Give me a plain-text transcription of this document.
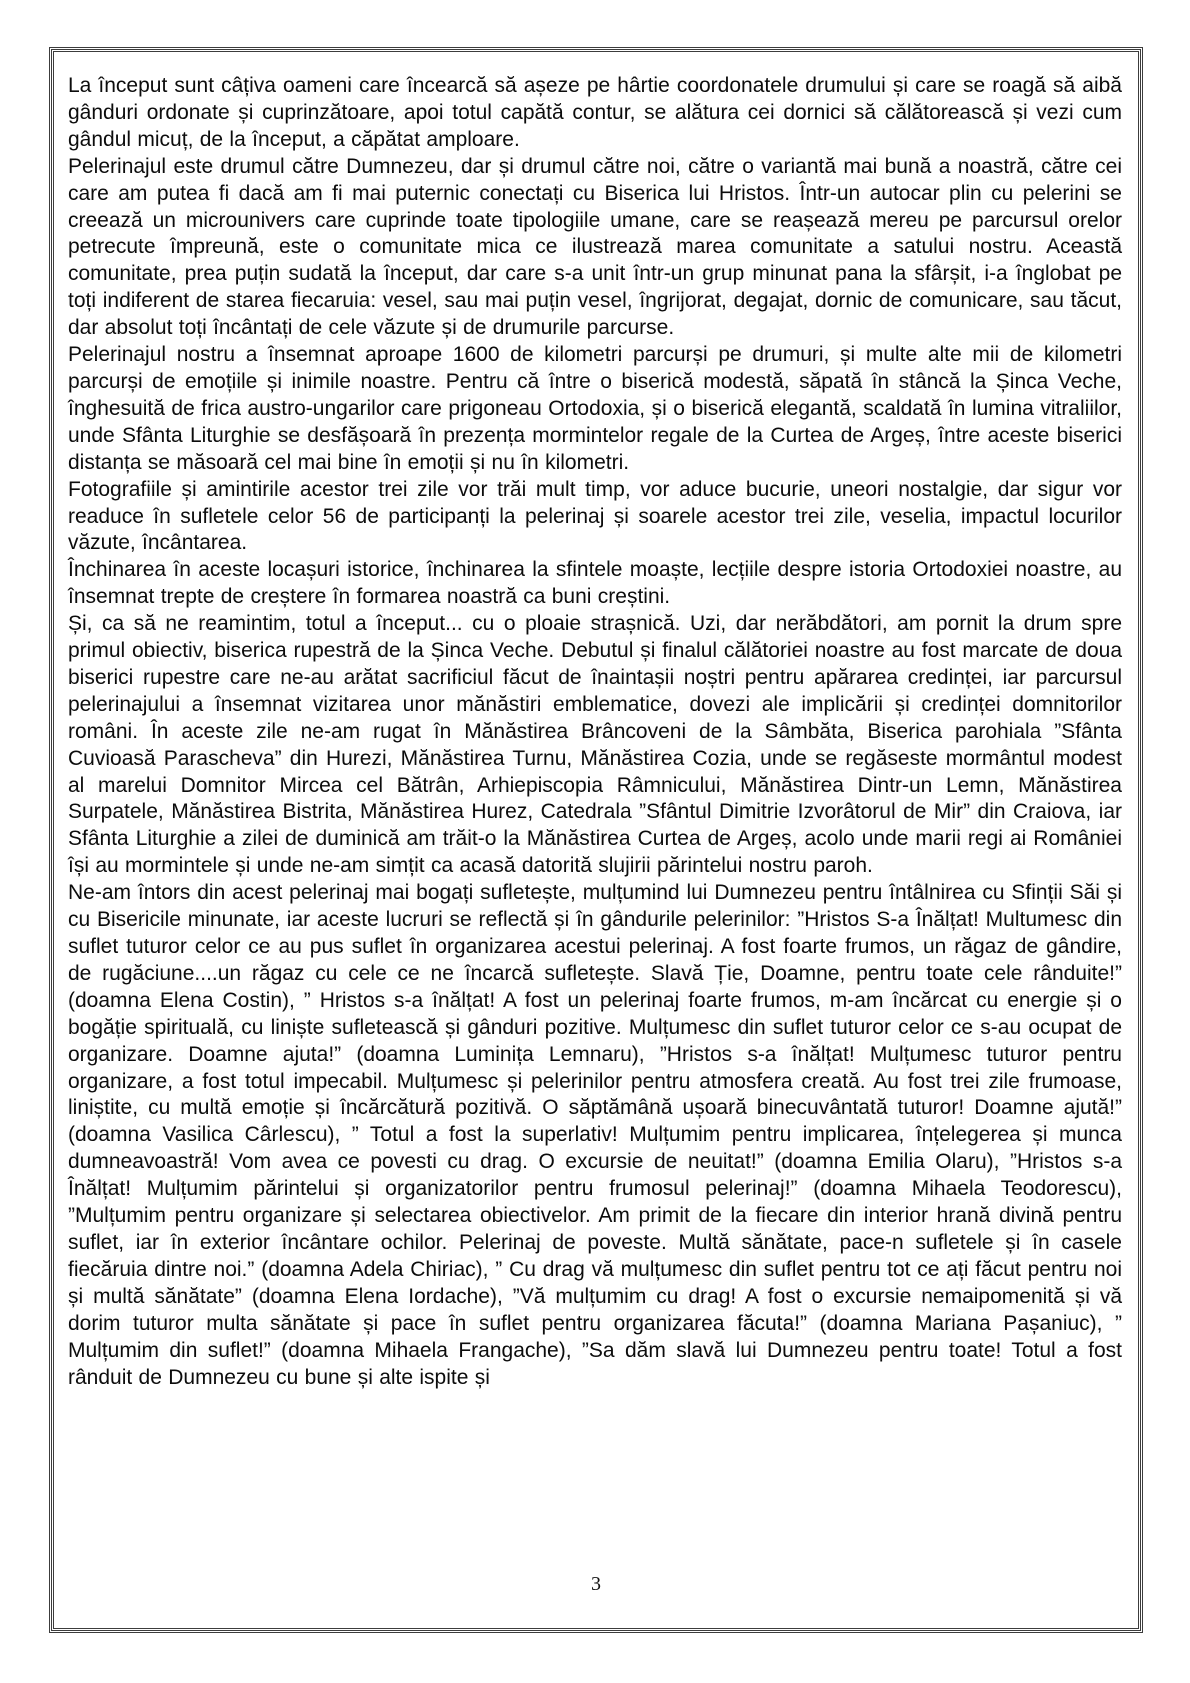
La început sunt câțiva oameni care încearcă să așeze pe hârtie coordonatele drumului și care se roagă să aibă gânduri ordonate și cuprinzătoare, apoi totul capătă contur, se alătura cei dornici să călătorească și vezi cum gândul micuț, de la început, a căpătat amploare.

Pelerinajul este drumul către Dumnezeu, dar și drumul către noi, către o variantă mai bună a noastră, către cei care am putea fi dacă am fi mai puternic conectați cu Biserica lui Hristos. Într-un autocar plin cu pelerini se creează un microunivers care cuprinde toate tipologiile umane, care se reașează mereu pe parcursul orelor petrecute împreună, este o comunitate mica ce ilustrează marea comunitate a satului nostru. Această comunitate, prea puțin sudată la început, dar care s-a unit într-un grup minunat pana la sfârșit, i-a înglobat pe toți indiferent de starea fiecaruia: vesel, sau mai puțin vesel, îngrijorat, degajat, dornic de comunicare, sau tăcut, dar absolut toți încântați de cele văzute și de drumurile parcurse.

Pelerinajul nostru a însemnat aproape 1600 de kilometri parcurși pe drumuri, și multe alte mii de kilometri parcurși de emoțiile și inimile noastre. Pentru că între o biserică modestă, săpată în stâncă la Șinca Veche, înghesuită de frica austro-ungarilor care prigoneau Ortodoxia, și o biserică elegantă, scaldată în lumina vitraliilor, unde Sfânta Liturghie se desfășoară în prezența mormintelor regale de la Curtea de Argeș, între aceste biserici distanța se măsoară cel mai bine în emoții și nu în kilometri.

Fotografiile și amintirile acestor trei zile vor trăi mult timp, vor aduce bucurie, uneori nostalgie, dar sigur vor readuce în sufletele celor 56 de participanți la pelerinaj și soarele acestor trei zile, veselia, impactul locurilor văzute, încântarea.

Închinarea în aceste locașuri istorice, închinarea la sfintele moaște, lecțiile despre istoria Ortodoxiei noastre, au însemnat trepte de creștere în formarea noastră ca buni creștini.

Și, ca să ne reamintim, totul a început... cu o ploaie strașnică. Uzi, dar nerăbdători, am pornit la drum spre primul obiectiv, biserica rupestră de la Șinca Veche. Debutul și finalul călătoriei noastre au fost marcate de doua biserici rupestre care ne-au arătat sacrificiul făcut de înaintașii noștri pentru apărarea credinței, iar parcursul pelerinajului a însemnat vizitarea unor mănăstiri emblematice, dovezi ale implicării și credinței domnitorilor români. În aceste zile ne-am rugat în Mănăstirea Brâncoveni de la Sâmbăta, Biserica parohiala ”Sfânta Cuvioasă Parascheva” din Hurezi, Mănăstirea Turnu, Mănăstirea Cozia, unde se regăseste mormântul modest al marelui Domnitor Mircea cel Bătrân, Arhiepiscopia Râmnicului, Mănăstirea Dintr-un Lemn, Mănăstirea Surpatele, Mănăstirea Bistrita, Mănăstirea Hurez, Catedrala ”Sfântul Dimitrie Izvorâtorul de Mir” din Craiova, iar Sfânta Liturghie a zilei de duminică am trăit-o la Mănăstirea Curtea de Argeș, acolo unde marii regi ai României își au mormintele și unde ne-am simțit ca acasă datorită slujirii părintelui nostru paroh.

Ne-am întors din acest pelerinaj mai bogați sufletește, mulțumind lui Dumnezeu pentru întâlnirea cu Sfinții Săi și cu Bisericile minunate, iar aceste lucruri se reflectă și în gândurile pelerinilor: ”Hristos S-a Înălțat! Multumesc din suflet tuturor celor ce au pus suflet în organizarea acestui pelerinaj. A fost foarte frumos, un răgaz de gândire, de rugăciune....un răgaz cu cele ce ne încarcă sufletește. Slavă Ție, Doamne, pentru toate cele rânduite!” (doamna Elena Costin), ” Hristos s-a înălțat! A fost un pelerinaj foarte frumos, m-am încărcat cu energie și o bogăție spirituală, cu liniște sufletească și gânduri pozitive. Mulțumesc din suflet tuturor celor ce s-au ocupat de organizare. Doamne ajuta!” (doamna Luminița Lemnaru), ”Hristos s-a înălțat! Mulțumesc tuturor pentru organizare, a fost totul impecabil. Mulțumesc și pelerinilor pentru atmosfera creată. Au fost trei zile frumoase, liniștite, cu multă emoție și încărcătură pozitivă. O săptămână ușoară binecuvântată tuturor! Doamne ajută!” (doamna Vasilica Cârlescu), ” Totul a fost la superlativ! Mulțumim pentru implicarea, înțelegerea și munca dumneavoastră! Vom avea ce povesti cu drag. O excursie de neuitat!” (doamna Emilia Olaru), ”Hristos s-a Înălțat! Mulțumim părintelui și organizatorilor pentru frumosul pelerinaj!” (doamna Mihaela Teodorescu), ”Mulțumim pentru organizare și selectarea obiectivelor. Am primit de la fiecare din interior hrană divină pentru suflet, iar în exterior încântare ochilor. Pelerinaj de poveste. Multă sănătate, pace-n sufletele și în casele fiecăruia dintre noi.” (doamna Adela Chiriac), ” Cu drag vă mulțumesc din suflet pentru tot ce ați făcut pentru noi și multă sănătate” (doamna Elena Iordache), ”Vă mulțumim cu drag! A fost o excursie nemaipomenită și vă dorim tuturor multa sănătate și pace în suflet pentru organizarea făcuta!” (doamna Mariana Pașaniuc), ” Mulțumim din suflet!” (doamna Mihaela Frangache), ”Sa dăm slavă lui Dumnezeu pentru toate! Totul a fost rânduit de Dumnezeu cu bune și alte ispite și

3
